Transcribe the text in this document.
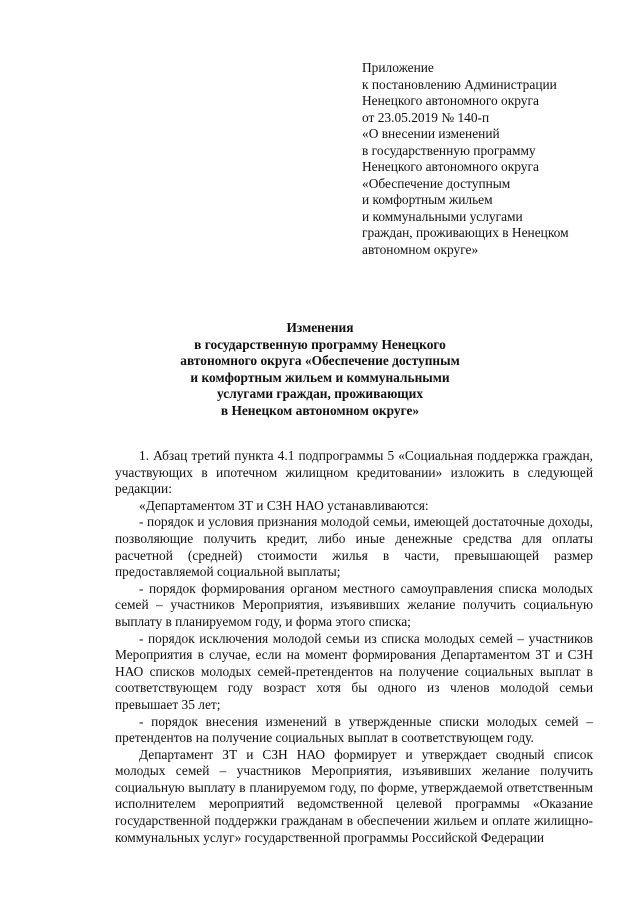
Приложение
к постановлению Администрации
Ненецкого автономного округа
от 23.05.2019 № 140-п
«О внесении изменений
в государственную программу
Ненецкого автономного округа
«Обеспечение доступным
и комфортным жильем
и коммунальными услугами
граждан, проживающих в Ненецком
автономном округе»
Изменения
в государственную программу Ненецкого
автономного округа «Обеспечение доступным
и комфортным жильем и коммунальными
услугами граждан, проживающих
в Ненецком автономном округе»

1. Абзац третий пункта 4.1 подпрограммы 5 «Социальная поддержка граждан, участвующих в ипотечном жилищном кредитовании» изложить в следующей редакции:

«Департаментом ЗТ и СЗН НАО устанавливаются:

- порядок и условия признания молодой семьи, имеющей достаточные доходы, позволяющие получить кредит, либо иные денежные средства для оплаты расчетной (средней) стоимости жилья в части, превышающей размер предоставляемой социальной выплаты;

- порядок формирования органом местного самоуправления списка молодых семей – участников Мероприятия, изъявивших желание получить социальную выплату в планируемом году, и форма этого списка;

- порядок исключения молодой семьи из списка молодых семей – участников Мероприятия в случае, если на момент формирования Департаментом ЗТ и СЗН НАО списков молодых семей-претендентов на получение социальных выплат в соответствующем году возраст хотя бы одного из членов молодой семьи превышает 35 лет;

- порядок внесения изменений в утвержденные списки молодых семей – претендентов на получение социальных выплат в соответствующем году.

Департамент ЗТ и СЗН НАО формирует и утверждает сводный список молодых семей – участников Мероприятия, изъявивших желание получить социальную выплату в планируемом году, по форме, утверждаемой ответственным исполнителем мероприятий ведомственной целевой программы «Оказание государственной поддержки гражданам в обеспечении жильем и оплате жилищно-коммунальных услуг» государственной программы Российской Федерации
